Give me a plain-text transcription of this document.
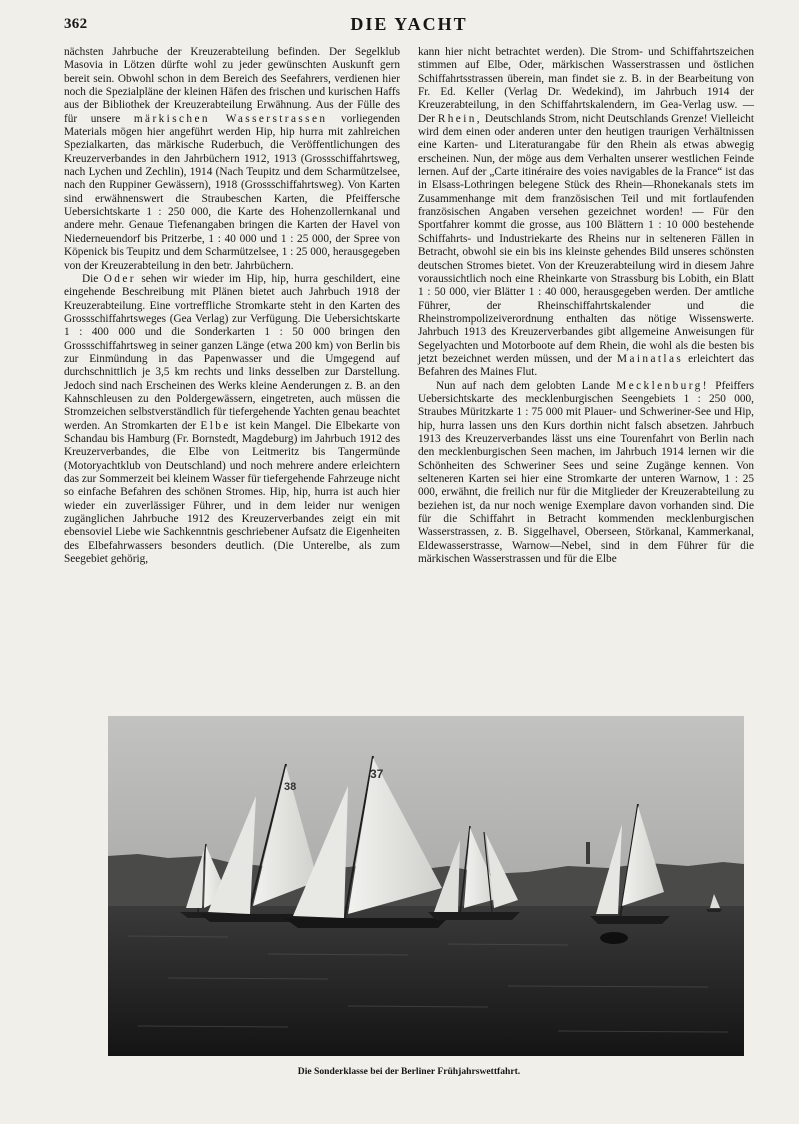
362	DIE YACHT

nächsten Jahrbuche der Kreuzerabteilung befinden. Der Segelklub Masovia in Lötzen dürfte wohl zu jeder gewünschten Auskunft gern bereit sein. Obwohl schon in dem Bereich des Seefahrers, verdienen hier noch die Spezialpläne der kleinen Häfen des frischen und kurischen Haffs aus der Bibliothek der Kreuzerabteilung Erwähnung. Aus der Fülle des für unsere märkischen Wasserstrassen vorliegenden Materials mögen hier angeführt werden Hip, hip hurra mit zahlreichen Spezialkarten, das märkische Ruderbuch, die Veröffentlichungen des Kreuzerverbandes in den Jahrbüchern 1912, 1913 (Grossschiffahrtsweg, nach Lychen und Zechlin), 1914 (Nach Teupitz und dem Scharmützelsee, nach den Ruppiner Gewässern), 1918 (Grossschiffahrtsweg). Von Karten sind erwähnenswert die Straubeschen Karten, die Pfeiffersche Uebersichtskarte 1 : 250 000, die Karte des Hohenzollernkanal und andere mehr. Genaue Tiefenangaben bringen die Karten der Havel von Niederneuendorf bis Pritzerbe, 1 : 40 000 und 1 : 25 000, der Spree von Köpenick bis Teupitz und dem Scharmützelsee, 1 : 25 000, herausgegeben von der Kreuzerabteilung in den betr. Jahrbüchern.

Die Oder sehen wir wieder im Hip, hip, hurra geschildert, eine eingehende Beschreibung mit Plänen bietet auch Jahrbuch 1918 der Kreuzerabteilung. Eine vortreffliche Stromkarte steht in den Karten des Grossschiffahrtsweges (Gea Verlag) zur Verfügung. Die Uebersichtskarte 1 : 400 000 und die Sonderkarten 1 : 50 000 bringen den Grossschiffahrtsweg in seiner ganzen Länge (etwa 200 km) von Berlin bis zur Einmündung in das Papenwasser und die Umgegend auf durchschnittlich je 3,5 km rechts und links desselben zur Darstellung. Jedoch sind nach Erscheinen des Werks kleine Aenderungen z. B. an den Kahnschleusen zu den Poldergewässern, eingetreten, auch müssen die Stromzeichen selbstverständlich für tiefergehende Yachten genau beachtet werden. An Stromkarten der Elbe ist kein Mangel. Die Elbekarte von Schandau bis Hamburg (Fr. Bornstedt, Magdeburg) im Jahrbuch 1912 des Kreuzerverbandes, die Elbe von Leitmeritz bis Tangermünde (Motoryachtklub von Deutschland) und noch mehrere andere erleichtern das zur Sommerzeit bei kleinem Wasser für tiefergehende Fahrzeuge nicht so einfache Befahren des schönen Stromes. Hip, hip, hurra ist auch hier wieder ein zuverlässiger Führer, und in dem leider nur wenigen zugänglichen Jahrbuche 1912 des Kreuzerverbandes zeigt ein mit ebensoviel Liebe wie Sachkenntnis geschriebener Aufsatz die Eigenheiten des Elbefahrwassers besonders deutlich. (Die Unterelbe, als zum Seegebiet gehörig,

kann hier nicht betrachtet werden). Die Strom- und Schiffahrtszeichen stimmen auf Elbe, Oder, märkischen Wasserstrassen und östlichen Schiffahrtsstrassen überein, man findet sie z. B. in der Bearbeitung von Fr. Ed. Keller (Verlag Dr. Wedekind), im Jahrbuch 1914 der Kreuzerabteilung, in den Schiffahrtskalendern, im Gea-Verlag usw. — Der Rhein, Deutschlands Strom, nicht Deutschlands Grenze! Vielleicht wird dem einen oder anderen unter den heutigen traurigen Verhältnissen eine Karten- und Literaturangabe für den Rhein als etwas abwegig erscheinen. Nun, der möge aus dem Verhalten unserer westlichen Feinde lernen. Auf der „Carte itinéraire des voies navigables de la France“ ist das in Elsass-Lothringen belegene Stück des Rhein—Rhonekanals stets im Zusammenhange mit dem französischen Teil und mit fortlaufenden französischen Angaben versehen gezeichnet worden! — Für den Sportfahrer kommt die grosse, aus 100 Blättern 1 : 10 000 bestehende Schiffahrts- und Industriekarte des Rheins nur in selteneren Fällen in Betracht, obwohl sie ein bis ins kleinste gehendes Bild unseres schönsten deutschen Stromes bietet. Von der Kreuzerabteilung wird in diesem Jahre voraussichtlich noch eine Rheinkarte von Strassburg bis Lobith, ein Blatt 1 : 50 000, vier Blätter 1 : 40 000, herausgegeben werden. Der amtliche Führer, der Rheinschiffahrtskalender und die Rheinstrompolizeiverordnung enthalten das nötige Wissenswerte. Jahrbuch 1913 des Kreuzerverbandes gibt allgemeine Anweisungen für Segelyachten und Motorboote auf dem Rhein, die wohl als die besten bis jetzt bezeichnet werden müssen, und der Mainatlas erleichtert das Befahren des Maines Flut.

Nun auf nach dem gelobten Lande Mecklenburg! Pfeiffers Uebersichtskarte des mecklenburgischen Seengebiets 1 : 250 000, Straubes Müritzkarte 1 : 75 000 mit Plauer- und Schweriner-See und Hip, hip, hurra lassen uns den Kurs dorthin nicht falsch absetzen. Jahrbuch 1913 des Kreuzerverbandes lässt uns eine Tourenfahrt von Berlin nach den mecklenburgischen Seen machen, im Jahrbuch 1914 lernen wir die Schönheiten des Schweriner Sees und seine Zugänge kennen. Von selteneren Karten sei hier eine Stromkarte der unteren Warnow, 1 : 25 000, erwähnt, die freilich nur für die Mitglieder der Kreuzerabteilung zu beziehen ist, da nur noch wenige Exemplare davon vorhanden sind. Die für die Schiffahrt in Betracht kommenden mecklenburgischen Wasserstrassen, z. B. Siggelhavel, Oberseen, Störkanal, Kammerkanal, Eldewasserstrasse, Warnow—Nebel, sind in dem Führer für die märkischen Wasserstrassen und für die Elbe

38
37
Die Sonderklasse bei der Berliner Frühjahrswettfahrt.
